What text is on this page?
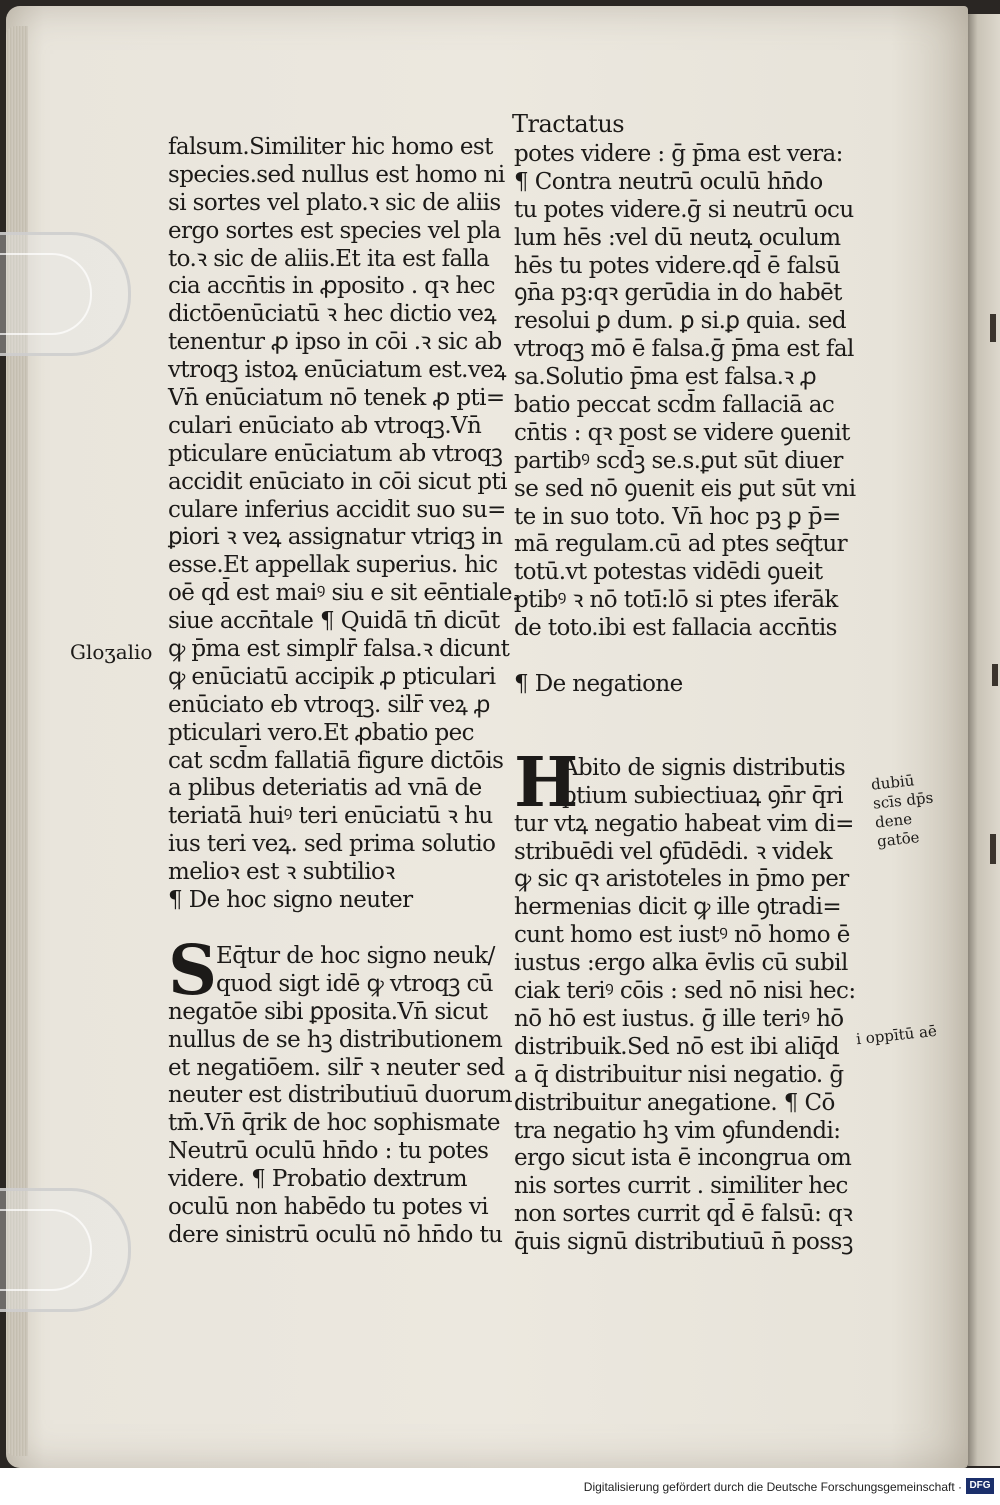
Tractatus
Gloʒalio
dubiū scīs dp̄s dene gatōe
i oppītū aē
falsum.Similiter hic homo est
species.sed nullus est homo ni
si sortes vel plato.ꝛ sic de aliis
ergo sortes est species vel pla
to.ꝛ sic de aliis.Et ita est falla
cia accn̄tis in ꝓposito . qꝛ hec
dictōenūciatū ꝛ hec dictio veꝝ
tenentur ꝓ ipso in cōi .ꝛ sic ab
vtroqꝫ istoꝝ enūciatum est.veꝝ
Vn̄ enūciatum nō tenek ꝓ pti=
culari enūciato ab vtroqꝫ.Vn̄
pticulare enūciatum ab vtroqꝫ
accidit enūciato in cōi sicut pti
culare inferius accidit suo su=
ꝑiori ꝛ veꝝ assignatur vtriqꝫ in
esse.Et appellak superius. hic
oē qd̄ est maiꝰ siu e sit eēntiale.
siue accn̄tale ¶ Quidā tn̄ dicūt
ꝙ p̄ma est simplr̄ falsa.ꝛ dicunt
ꝙ enūciatū accipik ꝓ pticulari
enūciato eb vtroqꝫ. silr̄ veꝝ ꝓ
pticulari vero.Et ꝓbatio pec
cat scd̄m fallatiā figure dictōis
a plibus deteriatis ad vnā de
teriatā huiꝰ teri enūciatū ꝛ hu
ius teri veꝝ. sed prima solutio
melioꝛ est ꝛ subtilioꝛ
¶ De hoc signo neuter
S Eq̄tur de hoc signo neuk/
quod sigt idē ꝙ vtroqꝫ cū
negatōe sibi ꝑposita.Vn̄ sicut
nullus de se hꝫ distributionem
et negatiōem. silr̄ ꝛ neuter sed
neuter est distributiuū duorum
tm̄.Vn̄ q̄rik de hoc sophismate
Neutrū oculū hn̄do : tu potes
videre. ¶ Probatio dextrum
oculū non habēdo tu potes vi
dere sinistrū oculū nō hn̄do tu
potes videre : ḡ p̄ma est vera:
¶ Contra neutrū oculū hn̄do
tu potes videre.ḡ si neutrū ocu
lum hēs :vel dū neutꝝ oculum
hēs tu potes videre.qd̄ ē falsū
ꝯn̄a pꝫ:qꝛ gerūdia in do habēt
resolui ꝑ dum. ꝑ si.ꝑ quia. sed
vtroqꝫ mō ē falsa.ḡ p̄ma est fal
sa.Solutio p̄ma est falsa.ꝛ ꝓ
batio peccat scd̄m fallaciā ac
cn̄tis : qꝛ post se videre ꝯuenit
partibꝰ scd̄ꝫ se.s.ꝑut sūt diuer
se sed nō ꝯuenit eis ꝑut sūt vni
te in suo toto. Vn̄ hoc pꝫ ꝑ p̄=
mā regulam.cū ad ptes seq̄tur
totū.vt potestas vidēdi ꝯueit
ptibꝰ ꝛ nō totī:lō si ptes iferāk
de toto.ibi est fallacia accn̄tis
¶ De negatione
H
Abito de signis distributis
ptium subiectiuaꝝ ꝯn̄r q̄ri
tur vtꝝ negatio habeat vim di=
stribuēdi vel ꝯfūdēdi. ꝛ videk
ꝙ sic qꝛ aristoteles in p̄mo per
hermenias dicit ꝙ ille ꝯtradi=
cunt homo est iustꝰ nō homo ē
iustus :ergo alka ēvlis cū subil
ciak teriꝰ cōis : sed nō nisi hec:
nō hō est iustus. ḡ ille teriꝰ hō
distribuik.Sed nō est ibi aliq̄d
a q̄ distribuitur nisi negatio. ḡ
distribuitur anegatione. ¶ Cō
tra negatio hꝫ vim ꝯfundendi:
ergo sicut ista ē incongrua om
nis sortes currit . similiter hec
non sortes currit qd̄ ē falsū: qꝛ
q̄uis signū distributiuū n̄ possꝫ
Digitalisierung gefördert durch die Deutsche Forschungsgemeinschaft · DFG
